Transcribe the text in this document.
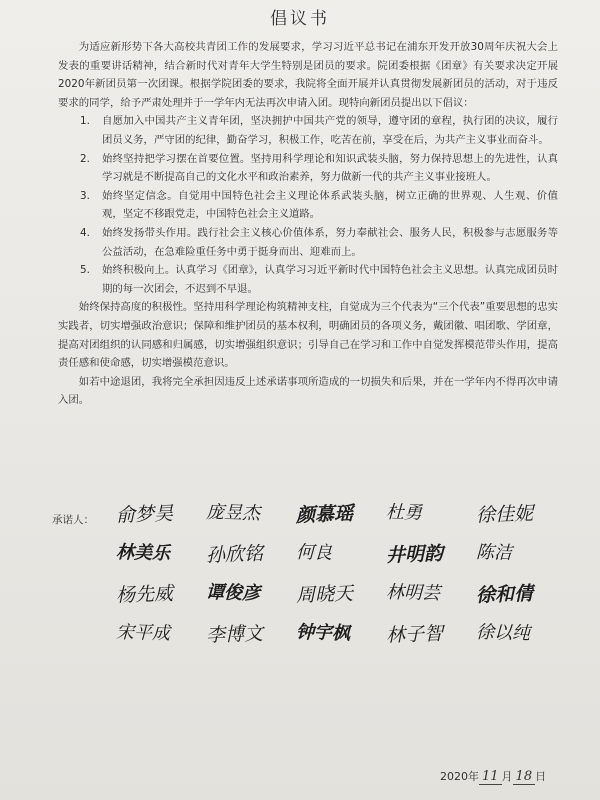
倡议书

为适应新形势下各大高校共青团工作的发展要求，学习习近平总书记在浦东开发开放30周年庆祝大会上发表的重要讲话精神，结合新时代对青年大学生特别是团员的要求。院团委根据《团章》有关要求决定开展2020年新团员第一次团课。根据学院团委的要求，我院将全面开展并认真贯彻发展新团员的活动，对于违反要求的同学，给予严肃处理并于一学年内无法再次申请入团。现特向新团员提出以下倡议：

1. 自愿加入中国共产主义青年团，坚决拥护中国共产党的领导，遵守团的章程，执行团的决议，履行团员义务，严守团的纪律，勤奋学习，积极工作，吃苦在前，享受在后，为共产主义事业而奋斗。
2. 始终坚持把学习摆在首要位置。坚持用科学理论和知识武装头脑，努力保持思想上的先进性，认真学习就是不断提高自己的文化水平和政治素养，努力做新一代的共产主义事业接班人。
3. 始终坚定信念。自觉用中国特色社会主义理论体系武装头脑，树立正确的世界观、人生观、价值观，坚定不移跟党走，中国特色社会主义道路。
4. 始终发扬带头作用。践行社会主义核心价值体系，努力奉献社会、服务人民，积极参与志愿服务等公益活动，在急难险重任务中勇于挺身而出、迎难而上。
5. 始终积极向上。认真学习《团章》，认真学习习近平新时代中国特色社会主义思想。认真完成团员时期的每一次团会，不迟到不早退。

始终保持高度的积极性。坚持用科学理论构筑精神支柱，自觉成为三个代表为“三个代表”重要思想的忠实实践者，切实增强政治意识；保障和维护团员的基本权利，明确团员的各项义务，戴团徽、唱团歌、学团章，提高对团组织的认同感和归属感，切实增强组织意识；引导自己在学习和工作中自觉发挥模范带头作用，提高责任感和使命感，切实增强模范意识。

如若中途退团，我将完全承担因违反上述承诺事项所造成的一切损失和后果，并在一学年内不得再次申请入团。

承诺人： 俞梦昊	庞昱杰	颜慕瑶	杜勇	徐佳妮
林美乐	孙欣铭	何良	井明韵	陈洁
杨先威	谭俊彦	周晓天	林明芸	徐和倩
宋平成	李博文	钟宇枫	林子智	徐以纯
2020年 11 月 18 日
